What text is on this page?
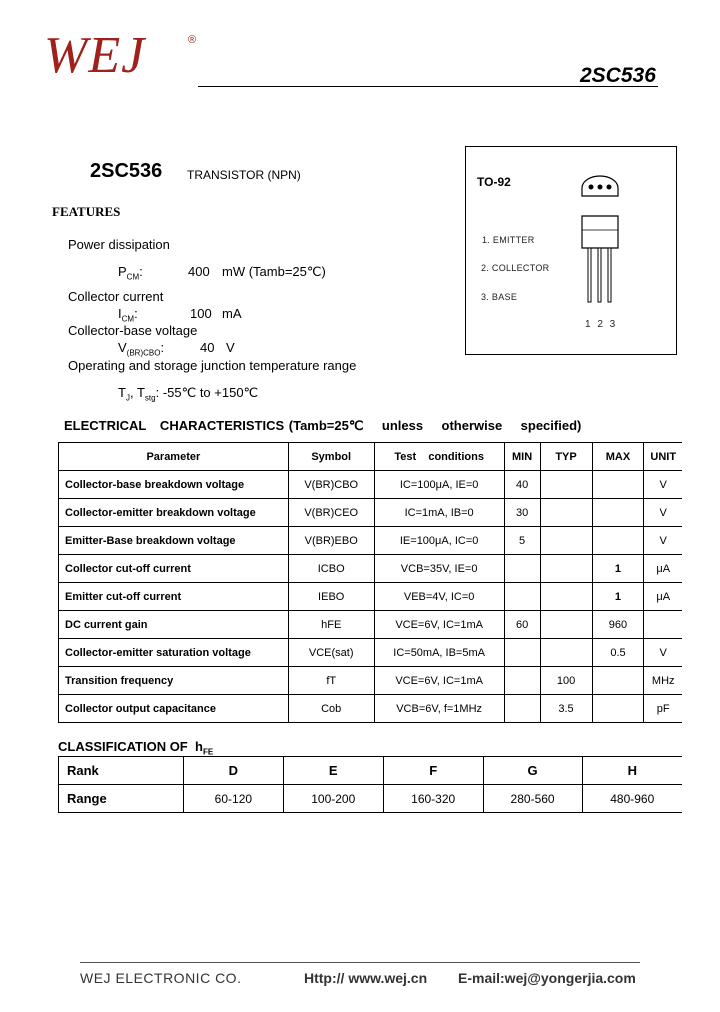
WEJ	®
2SC536
2SC536 TRANSISTOR (NPN)
FEATURES
Power dissipation
$P_{CM}$:	400 mW (Tamb=25℃)
Collector current
$I_{CM}$:	100 mA
Collector-base voltage
$V_{(BR)CBO}$:	40 V
Operating and storage junction temperature range
$T_J$, $T_{stg}$: -55℃ to +150℃
TO-92
1. EMITTER
2. COLLECTOR
3. BASE
1 2 3
ELECTRICAL   CHARACTERISTICS (Tamb=25℃    unless    otherwise    specified)
Parameter	Symbol	Test    conditions	MIN	TYP	MAX	UNIT
Collector-base breakdown voltage	V(BR)CBO	IC=100μA, IE=0	40			V
Collector-emitter breakdown voltage	V(BR)CEO	IC=1mA, IB=0	30			V
Emitter-Base breakdown voltage	V(BR)EBO	IE=100μA, IC=0	5			V
Collector cut-off current	ICBO	VCB=35V, IE=0			1	μA
Emitter cut-off current	IEBO	VEB=4V, IC=0			1	μA
DC current gain	hFE	VCE=6V, IC=1mA	60		960	
Collector-emitter saturation voltage	VCE(sat)	IC=50mA, IB=5mA			0.5	V
Transition frequency	fT	VCE=6V, IC=1mA		100		MHz
Collector output capacitance	Cob	VCB=6V, f=1MHz		3.5		pF
CLASSIFICATION OF $h_{FE}$
Rank	D	E	F	G	H
Range	60-120	100-200	160-320	280-560	480-960
WEJ ELECTRONIC CO.	Http:// www.wej.cn E-mail:wej@yongerjia.com
